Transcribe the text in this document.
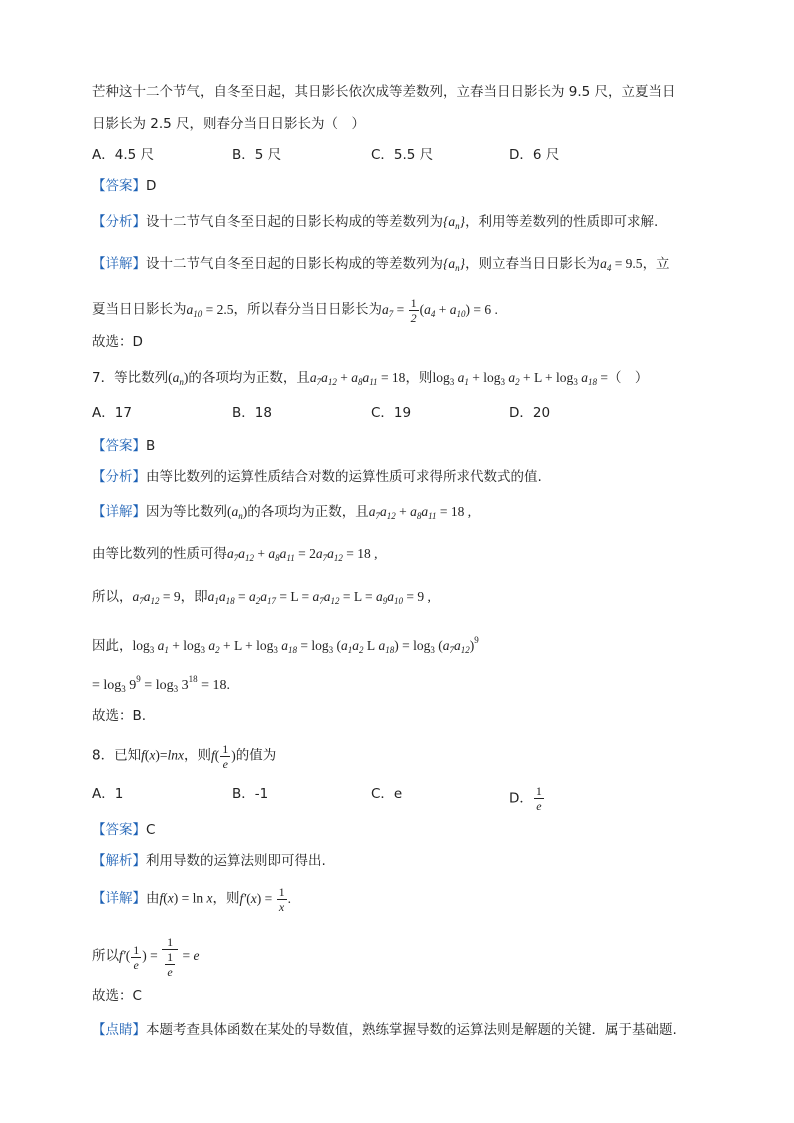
芒种这十二个节气，自冬至日起，其日影长依次成等差数列，立春当日日影长为 9.5 尺，立夏当日
日影长为 2.5 尺，则春分当日日影长为（　）
A．4.5 尺	B．5 尺	C．5.5 尺	D．6 尺
【答案】D
【分析】设十二节气自冬至日起的日影长构成的等差数列为$\{a_n\}$，利用等差数列的性质即可求解.
【详解】设十二节气自冬至日起的日影长构成的等差数列为$\{a_n\}$，则立春当日日影长为$a_4 = 9.5$，立
夏当日日影长为$a_{10} = 2.5$，所以春分当日日影长为$a_7 = \frac{1}{2} (a_4 + a_{10}) = 6$ .
故选：D
7．等比数列$(a_n)$的各项均为正数，且$a_7a_{12} + a_8a_{11} = 18$，则$\log_3 a_1 + \log_3 a_2 + L + \log_3 a_{18}$ =（　）
A．17	B．18	C．19	D．20
【答案】B
【分析】由等比数列的运算性质结合对数的运算性质可求得所求代数式的值.
【详解】因为等比数列$(a_n)$的各项均为正数，且$a_7a_{12} + a_8a_{11} = 18$ ,
由等比数列的性质可得$a_7a_{12} + a_8a_{11} = 2a_7a_{12} = 18$ ,
所以，$a_7a_{12} = 9$，即$a_1a_{18} = a_2a_{17} = L = a_7a_{12} = L = a_9a_{10} = 9$ ,
因此，$\log_3 a_1 + \log_3 a_2 + L + \log_3 a_{18} = \log_3 (a_1a_2$ L $a_{18}) = \log_3 (a_7a_{12})^9$
= $\log_3 9^9 = \log_3 3^{18} = 18$.
故选：B.
8．已知f(x)=lnx，则$f( \frac{1}{e}$ )的值为
A．1	B．-1	C．e	D． $\frac{1}{e}$
【答案】C
【解析】利用导数的运算法则即可得出.
【详解】由f(x) = ln x，则$f'(x) = \frac{1}{x}$ .
所以$f'( \frac{1}{e}$ ) = $\frac{1}{\frac{1}{e}} = e$
故选：C
【点睛】本题考查具体函数在某处的导数值，熟练掌握导数的运算法则是解题的关键．属于基础题.
